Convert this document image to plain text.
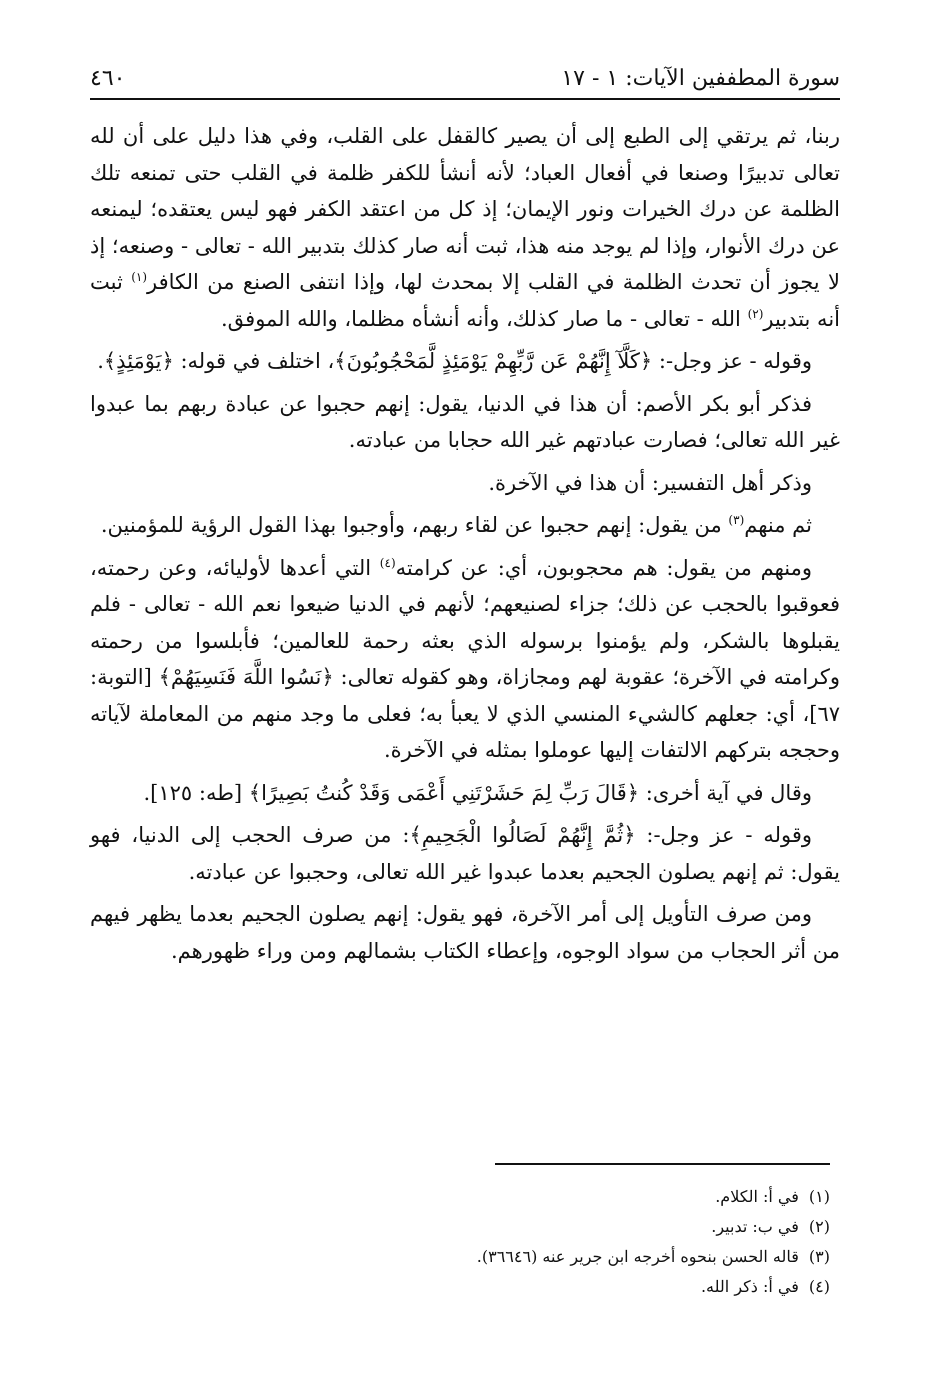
سورة المطففين الآيات: ١ - ١٧
٤٦٠

ربنا، ثم يرتقي إلى الطبع إلى أن يصير كالقفل على القلب، وفي هذا دليل على أن لله تعالى تدبيرًا وصنعا في أفعال العباد؛ لأنه أنشأ للكفر ظلمة في القلب حتى تمنعه تلك الظلمة عن درك الخيرات ونور الإيمان؛ إذ كل من اعتقد الكفر فهو ليس يعتقده؛ ليمنعه عن درك الأنوار، وإذا لم يوجد منه هذا، ثبت أنه صار كذلك بتدبير الله - تعالى - وصنعه؛ إذ لا يجوز أن تحدث الظلمة في القلب إلا بمحدث لها، وإذا انتفى الصنع من الكافر$^{(١)}$ ثبت أنه بتدبير$^{(٢)}$ الله - تعالى - ما صار كذلك، وأنه أنشأه مظلما، والله الموفق.

وقوله - عز وجل-: ﴿كَلَّآ إِنَّهُمْ عَن رَّبِّهِمْ يَوْمَئِذٍ لَّمَحْجُوبُونَ﴾، اختلف في قوله: ﴿يَوْمَئِذٍ﴾.

فذكر أبو بكر الأصم: أن هذا في الدنيا، يقول: إنهم حجبوا عن عبادة ربهم بما عبدوا غير الله تعالى؛ فصارت عبادتهم غير الله حجابا من عبادته.

وذكر أهل التفسير: أن هذا في الآخرة.

ثم منهم$^{(٣)}$ من يقول: إنهم حجبوا عن لقاء ربهم، وأوجبوا بهذا القول الرؤية للمؤمنين.

ومنهم من يقول: هم محجوبون، أي: عن كرامته$^{(٤)}$ التي أعدها لأوليائه، وعن رحمته، فعوقبوا بالحجب عن ذلك؛ جزاء لصنيعهم؛ لأنهم في الدنيا ضيعوا نعم الله - تعالى - فلم يقبلوها بالشكر، ولم يؤمنوا برسوله الذي بعثه رحمة للعالمين؛ فأبلسوا من رحمته وكرامته في الآخرة؛ عقوبة لهم ومجازاة، وهو كقوله تعالى: ﴿نَسُوا اللَّهَ فَنَسِيَهُمْ﴾ [التوبة: ٦٧]، أي: جعلهم كالشيء المنسي الذي لا يعبأ به؛ فعلى ما وجد منهم من المعاملة لآياته وحججه بتركهم الالتفات إليها عوملوا بمثله في الآخرة.

وقال في آية أخرى: ﴿قَالَ رَبِّ لِمَ حَشَرْتَنِي أَعْمَى وَقَدْ كُنتُ بَصِيرًا﴾ [طه: ١٢٥].

وقوله - عز وجل-: ﴿ثُمَّ إِنَّهُمْ لَصَالُوا الْجَحِيمِ﴾: من صرف الحجب إلى الدنيا، فهو يقول: ثم إنهم يصلون الجحيم بعدما عبدوا غير الله تعالى، وحجبوا عن عبادته.

ومن صرف التأويل إلى أمر الآخرة، فهو يقول: إنهم يصلون الجحيم بعدما يظهر فيهم من أثر الحجاب من سواد الوجوه، وإعطاء الكتاب بشمالهم ومن وراء ظهورهم.

(١)
في أ: الكلام.
(٢)
في ب: تدبير.
(٣)
قاله الحسن بنحوه أخرجه ابن جرير عنه (٣٦٦٤٦).
(٤)
في أ: ذكر الله.
